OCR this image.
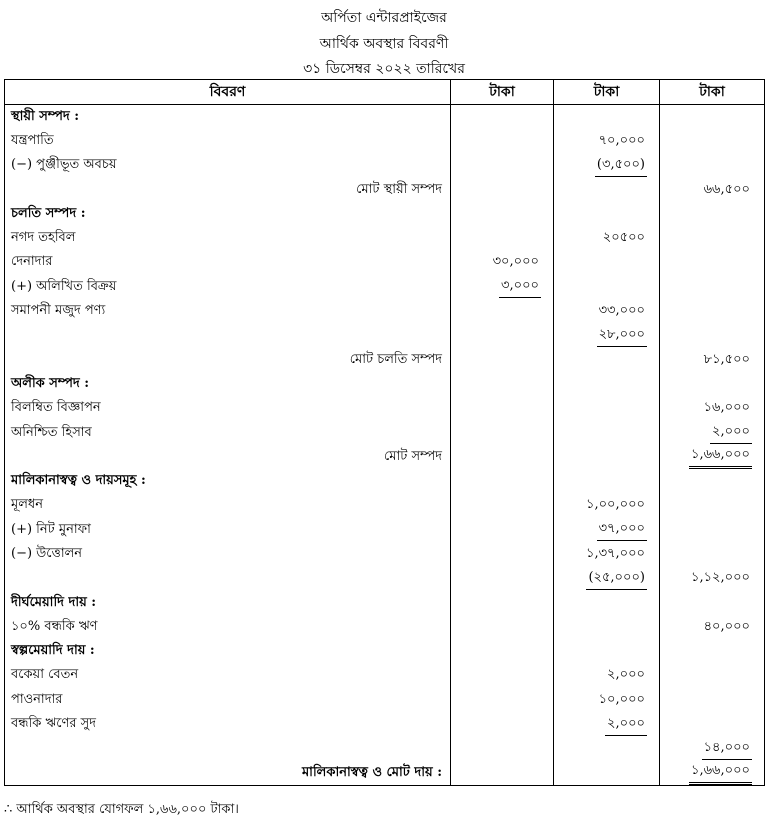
অর্পিতা এন্টারপ্রাইজের
আর্থিক অবস্থার বিবরণী
৩১ ডিসেম্বর ২০২২ তারিখের
বিবরণ	টাকা	টাকা	টাকা
স্থায়ী সম্পদ :			
যন্ত্রপাতি		৭০,০০০	
(−) পুঞ্জীভূত অবচয়		(৩,৫০০)	
মোট স্থায়ী সম্পদ			৬৬,৫০০
চলতি সম্পদ :			
নগদ তহবিল		২০৫০০	
দেনাদার	৩০,০০০		
(+) অলিখিত বিক্রয়	৩,০০০		
সমাপনী মজুদ পণ্য		৩৩,০০০	
		২৮,০০০	
মোট চলতি সম্পদ			৮১,৫০০
অলীক সম্পদ :			
বিলম্বিত বিজ্ঞাপন			১৬,০০০
অনিশ্চিত হিসাব			২,০০০
মোট সম্পদ			১,৬৬,০০০
মালিকানাস্বত্ব ও দায়সমূহ :			
মূলধন		১,০০,০০০	
(+) নিট মুনাফা		৩৭,০০০	
(−) উত্তোলন		১,৩৭,০০০	
		(২৫,০০০)	১,১২,০০০
দীর্ঘমেয়াদি দায় :			
১০% বন্ধকি ঋণ			৪০,০০০
স্বল্পমেয়াদি দায় :			
বকেয়া বেতন		২,০০০	
পাওনাদার		১০,০০০	
বন্ধকি ঋণের সুদ		২,০০০	
			১৪,০০০
মালিকানাস্বত্ব ও মোট দায় :			১,৬৬,০০০
∴ আর্থিক অবস্থার যোগফল ১,৬৬,০০০ টাকা।
